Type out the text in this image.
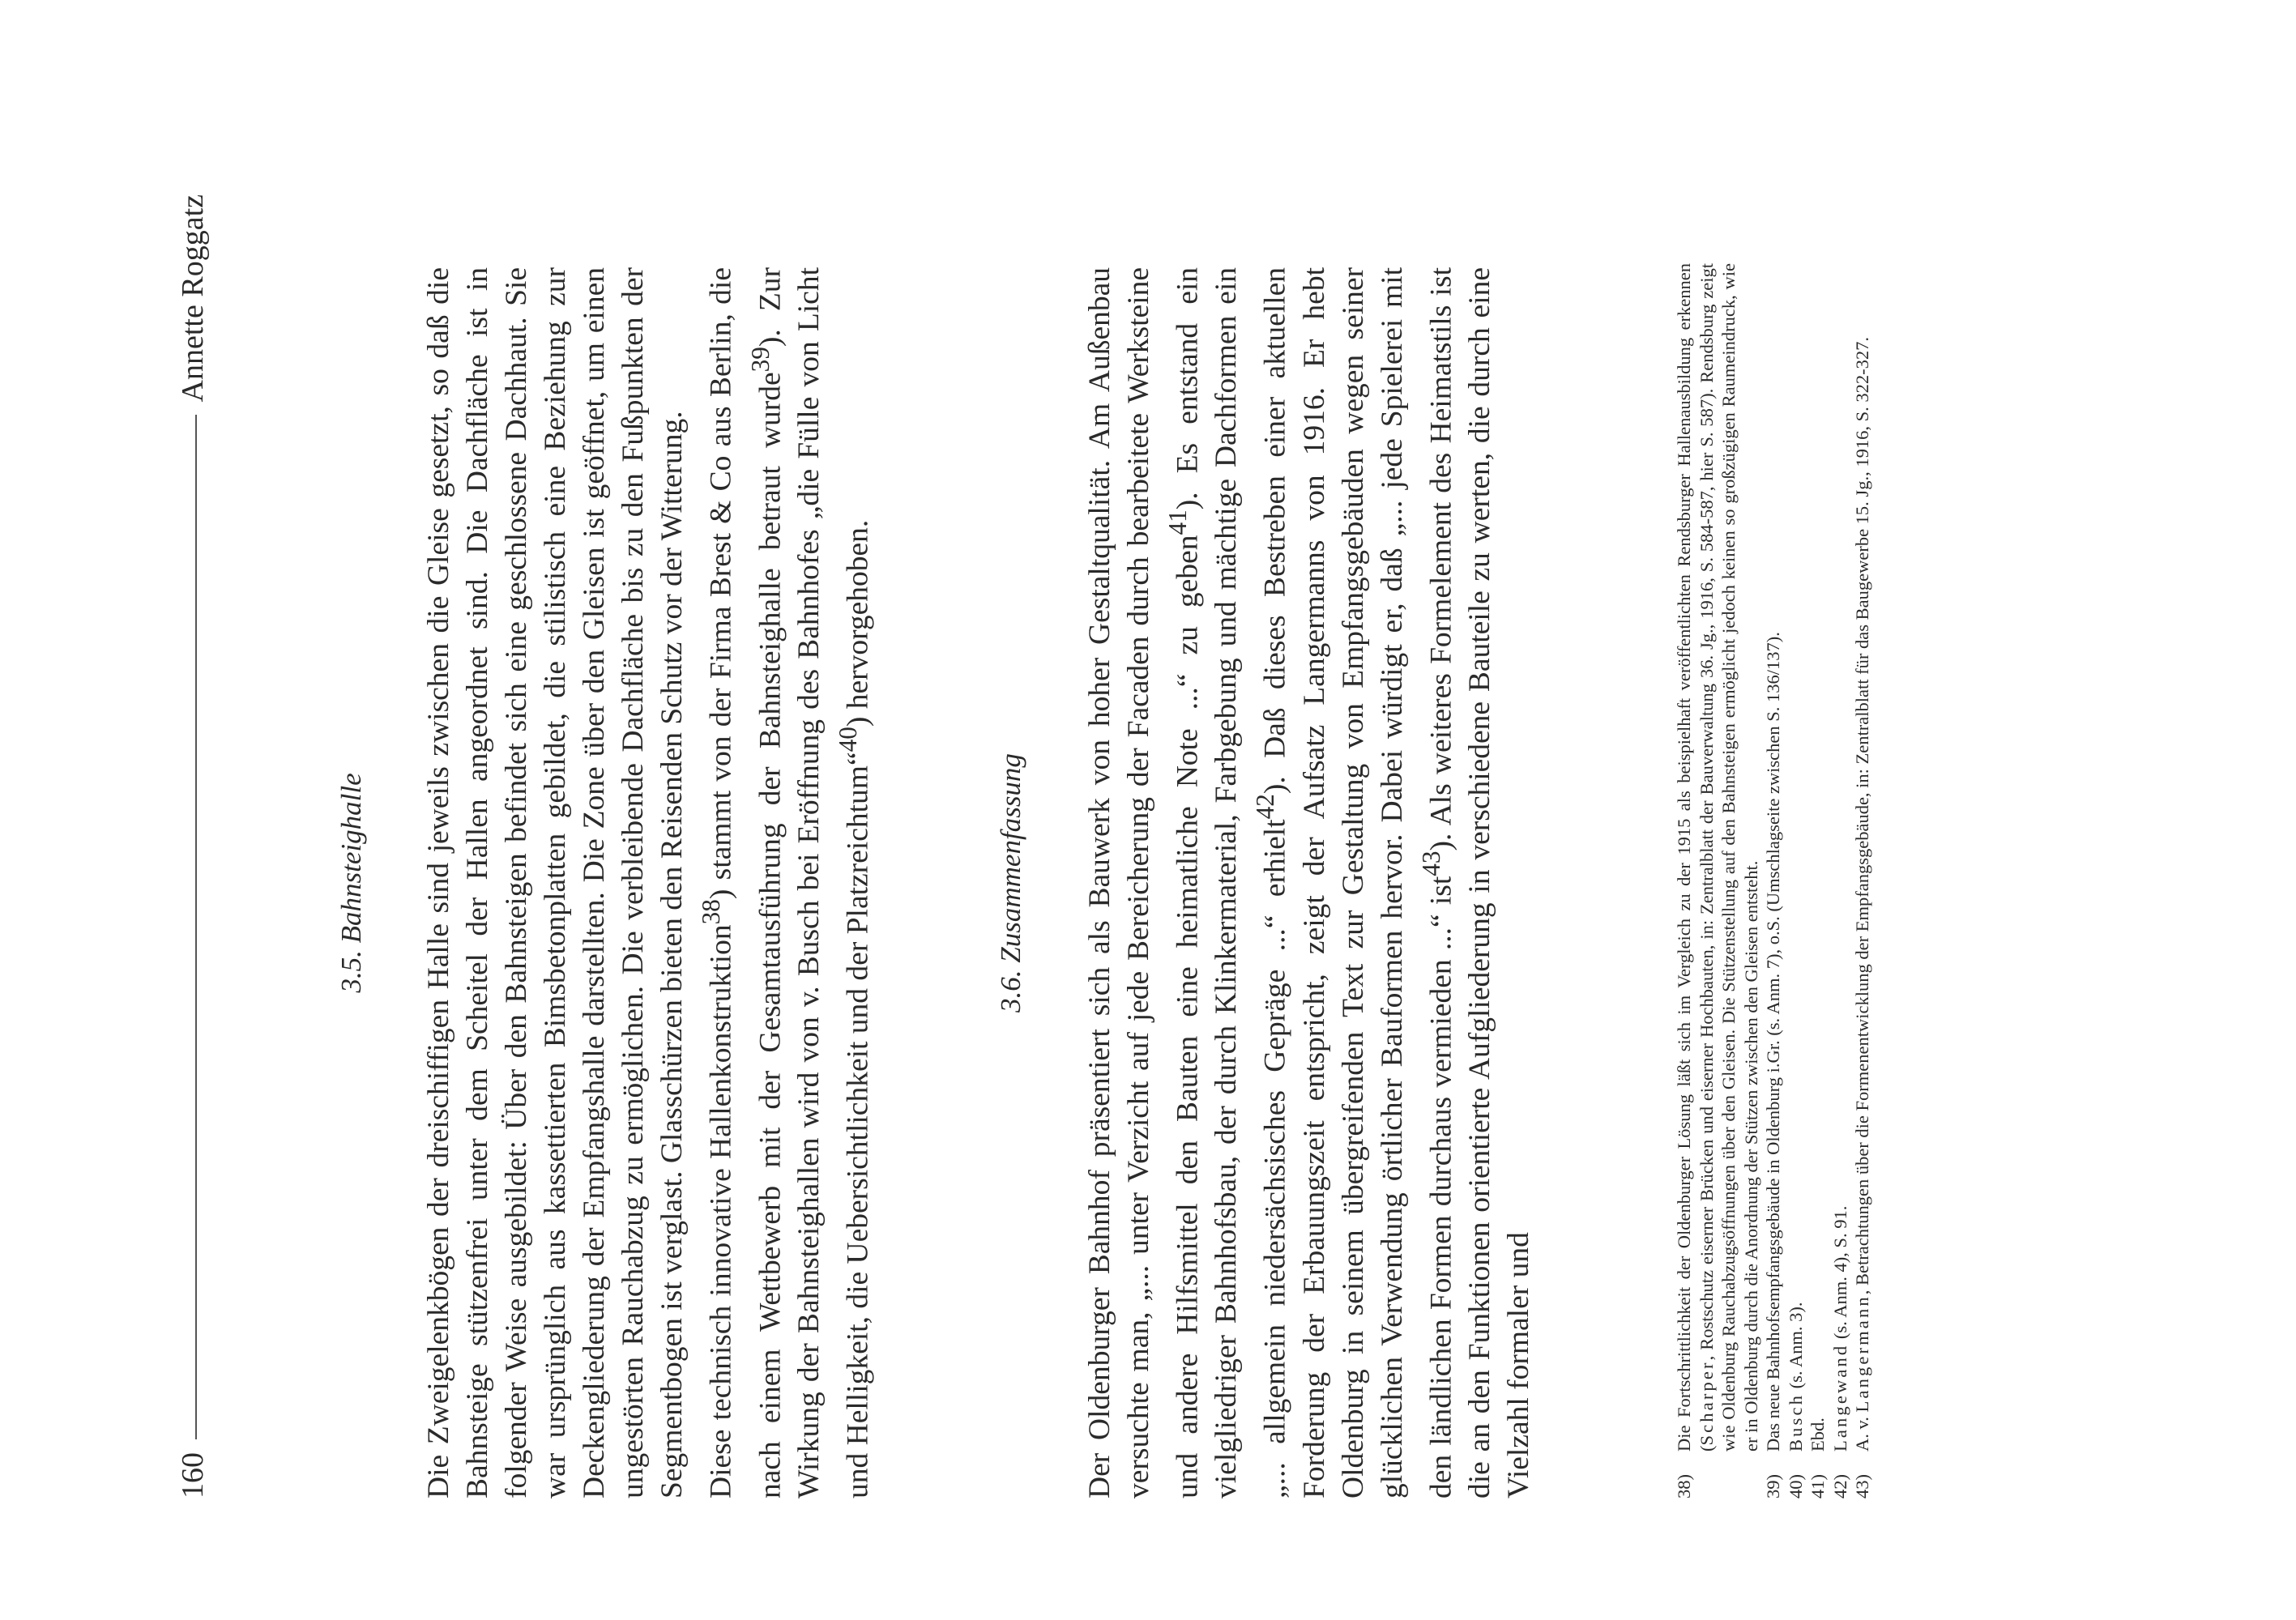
160
Annette Roggatz
3.5. Bahnsteighalle Die Zweigelenkbögen der dreischiffigen Halle sind jeweils zwischen die Gleise gesetzt, so daß die Bahnsteige stützenfrei unter dem Scheitel der Hallen angeordnet sind. Die Dachfläche ist in folgender Weise ausgebildet: Über den Bahnsteigen befindet sich eine geschlossene Dachhaut. Sie war ursprünglich aus kassettierten Bimsbetonplatten gebildet, die stilistisch eine Beziehung zur Deckengliederung der Empfangshalle darstellten. Die Zone über den Gleisen ist geöffnet, um einen ungestörten Rauchabzug zu ermöglichen. Die verbleibende Dachfläche bis zu den Fußpunkten der Segmentbogen ist verglast. Glasschürzen bieten den Reisenden Schutz vor der Witterung. Diese technisch innovative Hallenkonstruktion$^{38}$) stammt von der Firma Brest & Co aus Berlin, die nach einem Wettbewerb mit der Gesamtausführung der Bahnsteighalle betraut wurde$^{39}$). Zur Wirkung der Bahnsteighallen wird von v. Busch bei Eröffnung des Bahnhofes „die Fülle von Licht und Helligkeit, die Uebersichtlichkeit und der Platzreichtum“$^{40}$) hervorgehoben.

3.6. Zusammenfassung Der Oldenburger Bahnhof präsentiert sich als Bauwerk von hoher Gestaltqualität. Am Außenbau versuchte man, „... unter Verzicht auf jede Bereicherung der Facaden durch bearbeitete Werksteine und andere Hilfsmittel den Bauten eine heimatliche Note ...“ zu geben$^{41}$). Es entstand ein vielgliedriger Bahnhofsbau, der durch Klinkermaterial, Farbgebung und mächtige Dachformen ein „... allgemein niedersächsisches Gepräge ...“ erhielt$^{42}$). Daß dieses Bestreben einer aktuellen Forderung der Erbauungszeit entspricht, zeigt der Aufsatz Langermanns von 1916. Er hebt Oldenburg in seinem übergreifenden Text zur Gestaltung von Empfangsgebäuden wegen seiner glücklichen Verwendung örtlicher Bauformen hervor. Dabei würdigt er, daß „... jede Spielerei mit den ländlichen Formen durchaus vermieden ...“ ist$^{43}$). Als weiteres Formelement des Heimatstils ist die an den Funktionen orientierte Aufgliederung in verschiedene Bauteile zu werten, die durch eine Vielzahl formaler und	38)
Die Fortschrittlichkeit der Oldenburger Lösung läßt sich im Vergleich zu der 1915 als beispielhaft veröffentlichten Rendsburger Hallenausbildung erkennen (Scharper, Rostschutz eiserner Brücken und eiserner Hochbauten, in: Zentralblatt der Bauverwaltung 36. Jg., 1916, S. 584-587, hier S. 587). Rendsburg zeigt wie Oldenburg Rauchabzugsöffnungen über den Gleisen. Die Stützenstellung auf den Bahnsteigen ermöglicht jedoch keinen so großzügigen Raumeindruck, wie er in Oldenburg durch die Anordnung der Stützen zwischen den Gleisen entsteht.
39)
Das neue Bahnhofsempfangsgebäude in Oldenburg i.Gr. (s. Anm. 7), o.S. (Umschlagseite zwischen S. 136/137).
40)
Busch (s. Anm. 3).
41)
Ebd.
42)
Langewand (s. Anm. 4), S. 91.
43)
A. v. Langermann, Betrachtungen über die Formenentwicklung der Empfangsgebäude, in: Zentralblatt für das Baugewerbe 15. Jg., 1916, S. 322-327.
